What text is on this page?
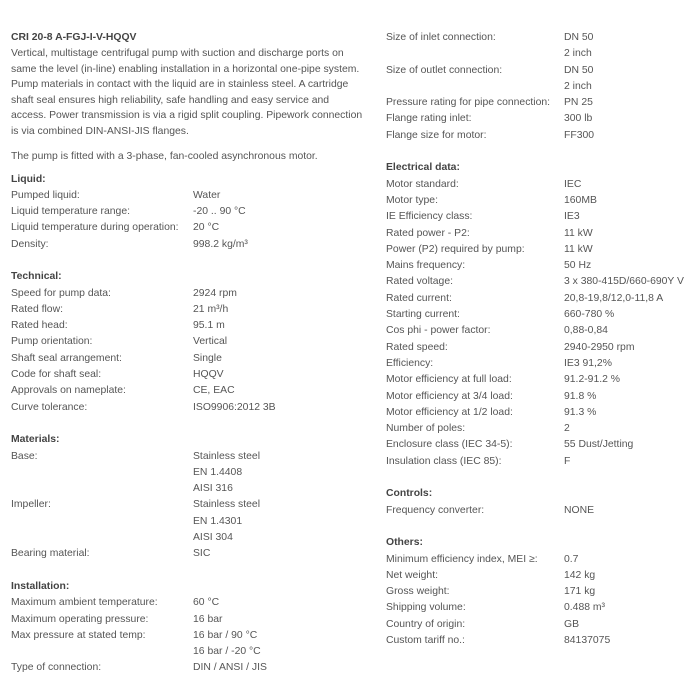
CRI 20-8 A-FGJ-I-V-HQQV
Vertical, multistage centrifugal pump with suction and discharge ports on same the level (in-line) enabling installation in a horizontal one-pipe system. Pump materials in contact with the liquid are in stainless steel. A cartridge shaft seal ensures high reliability, safe handling and easy service and access. Power transmission is via a rigid split coupling. Pipework connection is via combined DIN-ANSI-JIS flanges.
The pump is fitted with a 3-phase, fan-cooled asynchronous motor.
Liquid:
Pumped liquid:	Water
Liquid temperature range:	-20 .. 90 °C
Liquid temperature during operation:	20 °C
Density:	998.2 kg/m³
Technical:
Speed for pump data:	2924 rpm
Rated flow:	21 m³/h
Rated head:	95.1 m
Pump orientation:	Vertical
Shaft seal arrangement:	Single
Code for shaft seal:	HQQV
Approvals on nameplate:	CE, EAC
Curve tolerance:	ISO9906:2012 3B
Materials:
Base:	Stainless steel
EN 1.4408
AISI 316
Impeller:	Stainless steel
EN 1.4301
AISI 304
Bearing material:	SIC
Installation:
Maximum ambient temperature:	60 °C
Maximum operating pressure:	16 bar
Max pressure at stated temp:	16 bar / 90 °C
16 bar / -20 °C
Type of connection:	DIN / ANSI / JIS
Size of inlet connection:	DN 50
2 inch
Size of outlet connection:	DN 50
2 inch
Pressure rating for pipe connection:	PN 25
Flange rating inlet:	300 lb
Flange size for motor:	FF300
Electrical data:
Motor standard:	IEC
Motor type:	160MB
IE Efficiency class:	IE3
Rated power - P2:	11 kW
Power (P2) required by pump:	11 kW
Mains frequency:	50 Hz
Rated voltage:	3 x 380-415D/660-690Y V
Rated current:	20,8-19,8/12,0-11,8 A
Starting current:	660-780 %
Cos phi - power factor:	0,88-0,84
Rated speed:	2940-2950 rpm
Efficiency:	IE3 91,2%
Motor efficiency at full load:	91.2-91.2 %
Motor efficiency at 3/4 load:	91.8 %
Motor efficiency at 1/2 load:	91.3 %
Number of poles:	2
Enclosure class (IEC 34-5):	55 Dust/Jetting
Insulation class (IEC 85):	F
Controls:
Frequency converter:	NONE
Others:
Minimum efficiency index, MEI ≥:	0.7
Net weight:	142 kg
Gross weight:	171 kg
Shipping volume:	0.488 m³
Country of origin:	GB
Custom tariff no.:	84137075
